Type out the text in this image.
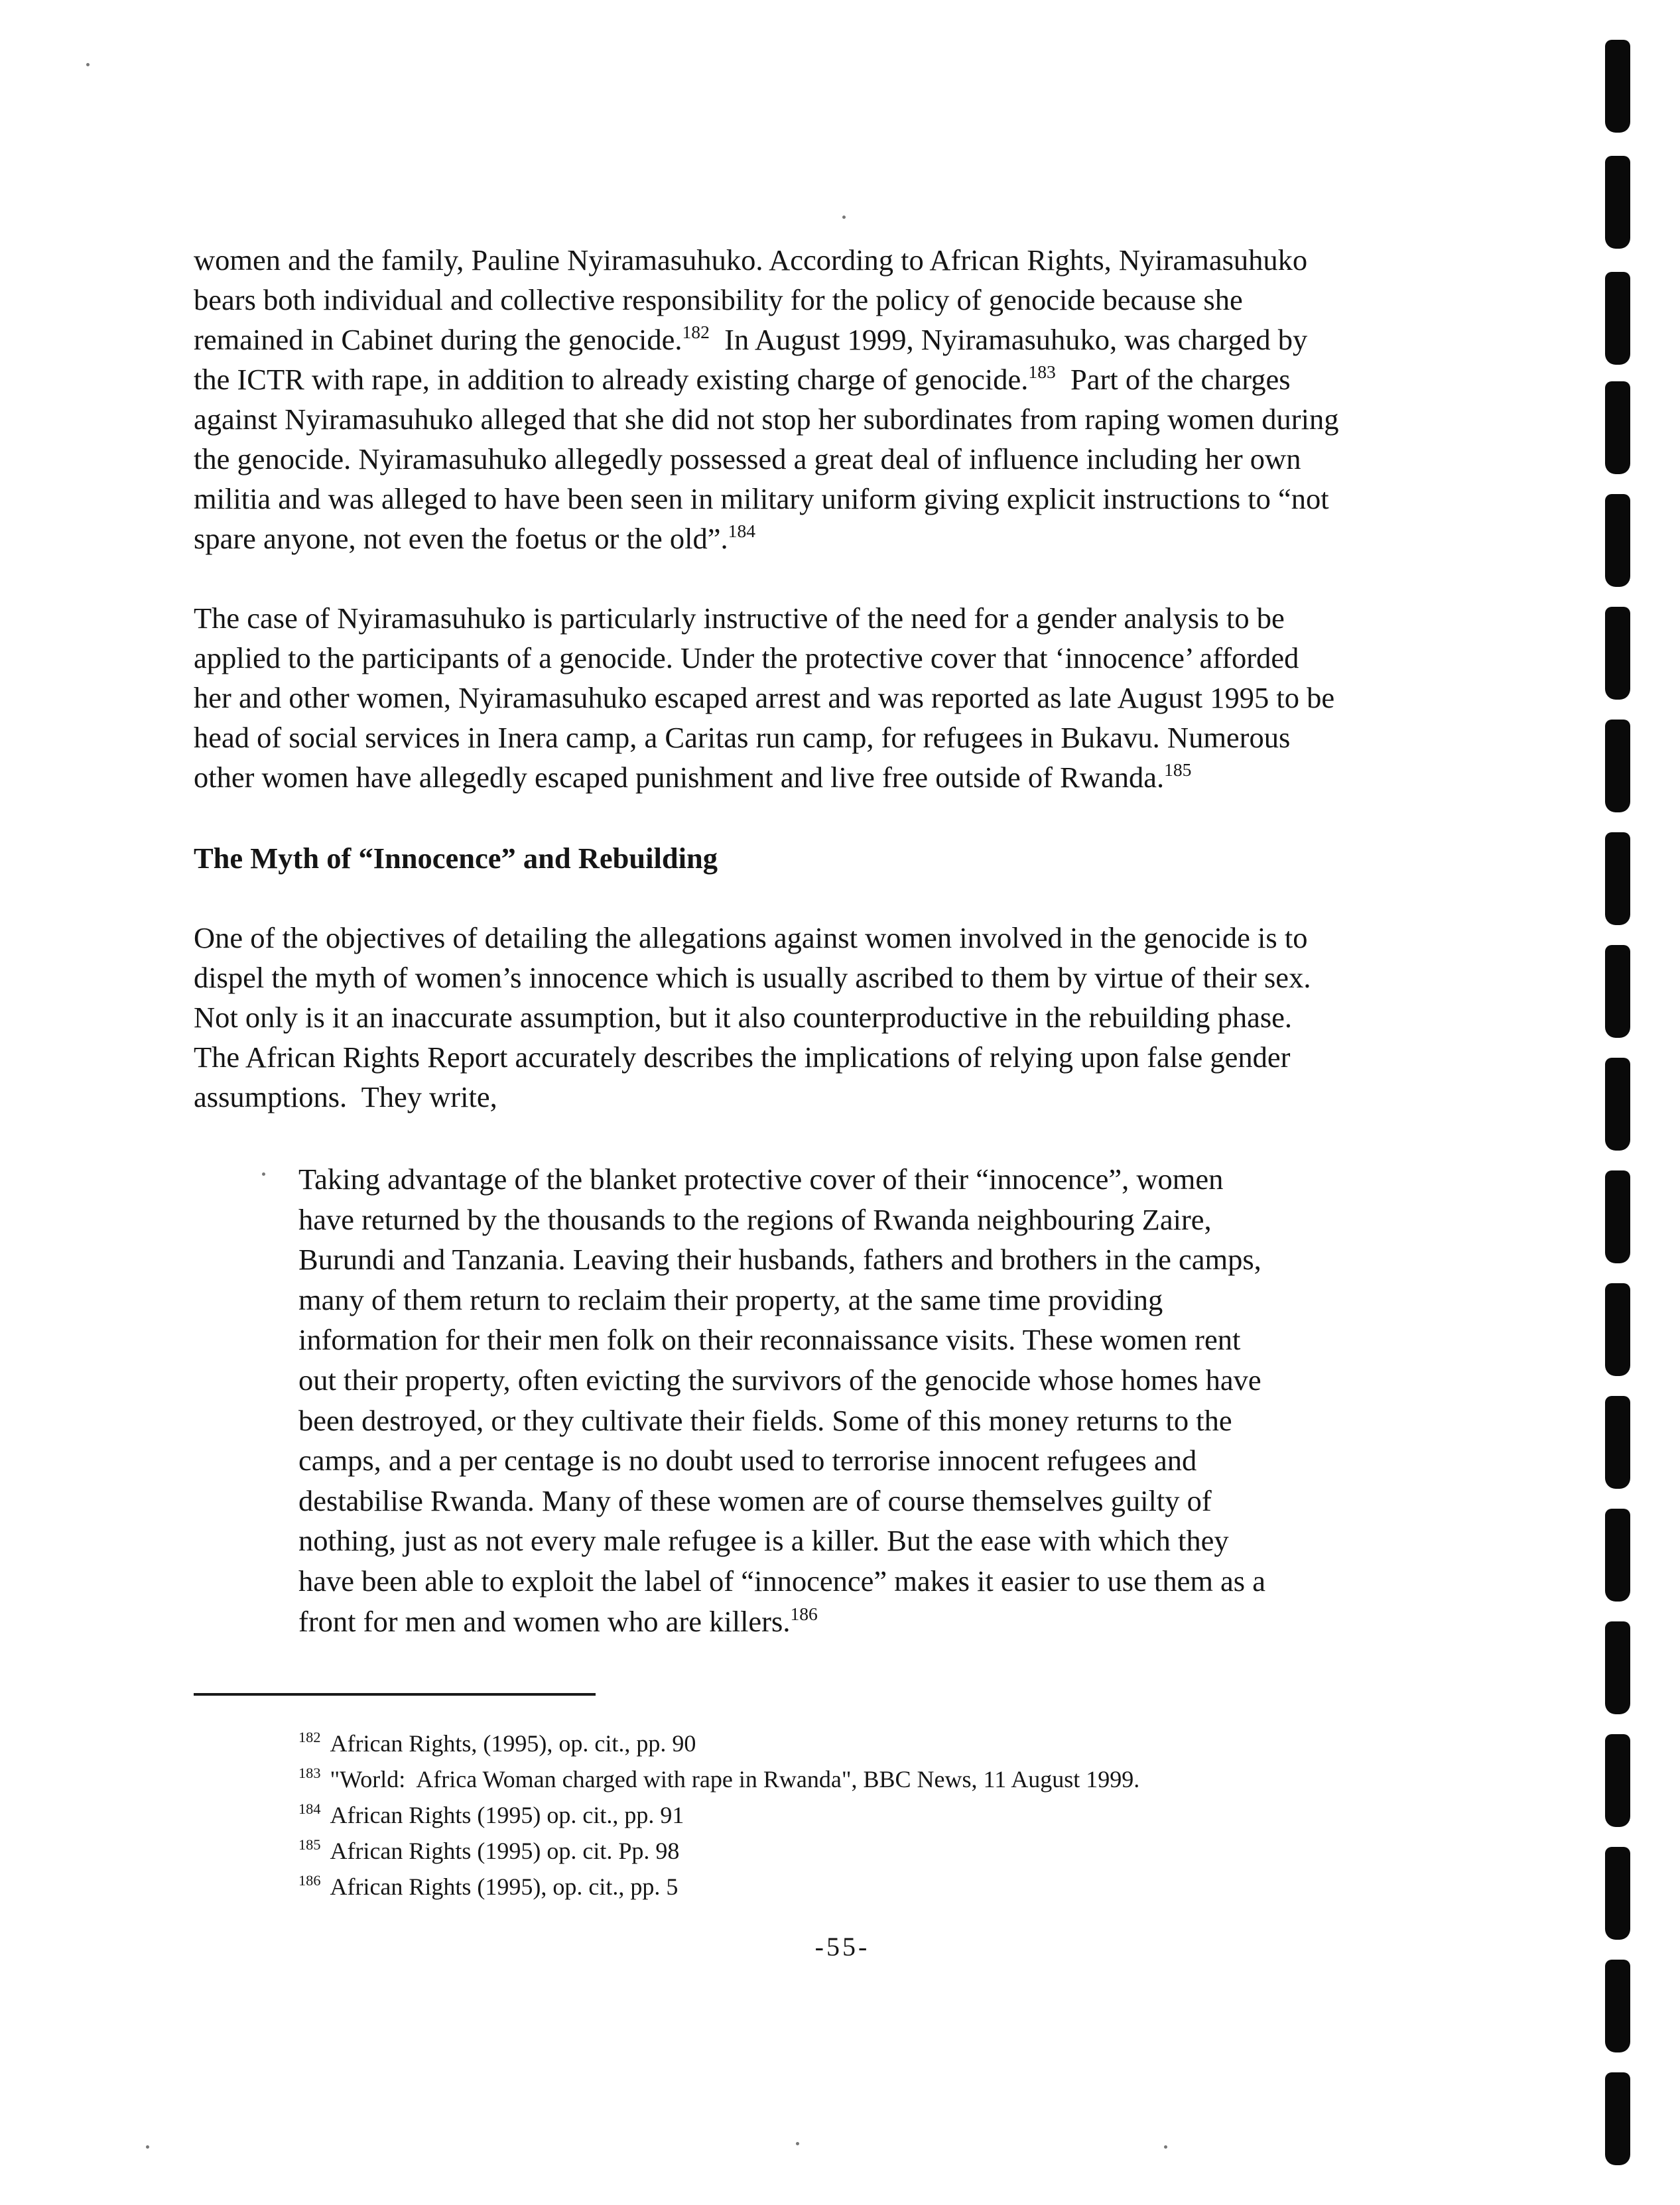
women and the family, Pauline Nyiramasuhuko. According to African Rights, Nyiramasuhuko
bears both individual and collective responsibility for the policy of genocide because she
remained in Cabinet during the genocide.$^{182}$  In August 1999, Nyiramasuhuko, was charged by
the ICTR with rape, in addition to already existing charge of genocide.$^{183}$  Part of the charges
against Nyiramasuhuko alleged that she did not stop her subordinates from raping women during
the genocide. Nyiramasuhuko allegedly possessed a great deal of influence including her own
militia and was alleged to have been seen in military uniform giving explicit instructions to “not
spare anyone, not even the foetus or the old”.$^{184}$

The case of Nyiramasuhuko is particularly instructive of the need for a gender analysis to be
applied to the participants of a genocide. Under the protective cover that ‘innocence’ afforded
her and other women, Nyiramasuhuko escaped arrest and was reported as late August 1995 to be
head of social services in Inera camp, a Caritas run camp, for refugees in Bukavu. Numerous
other women have allegedly escaped punishment and live free outside of Rwanda.$^{185}$

The Myth of “Innocence” and Rebuilding

One of the objectives of detailing the allegations against women involved in the genocide is to
dispel the myth of women’s innocence which is usually ascribed to them by virtue of their sex.
Not only is it an inaccurate assumption, but it also counterproductive in the rebuilding phase.
The African Rights Report accurately describes the implications of relying upon false gender
assumptions.  They write,

Taking advantage of the blanket protective cover of their “innocence”, women
have returned by the thousands to the regions of Rwanda neighbouring Zaire,
Burundi and Tanzania. Leaving their husbands, fathers and brothers in the camps,
many of them return to reclaim their property, at the same time providing
information for their men folk on their reconnaissance visits. These women rent
out their property, often evicting the survivors of the genocide whose homes have
been destroyed, or they cultivate their fields. Some of this money returns to the
camps, and a per centage is no doubt used to terrorise innocent refugees and
destabilise Rwanda. Many of these women are of course themselves guilty of
nothing, just as not every male refugee is a killer. But the ease with which they
have been able to exploit the label of “innocence” makes it easier to use them as a
front for men and women who are killers.$^{186}$

$^{182}$ African Rights, (1995), op. cit., pp. 90
$^{183}$ "World:  Africa Woman charged with rape in Rwanda", BBC News, 11 August 1999.
$^{184}$ African Rights (1995) op. cit., pp. 91
$^{185}$ African Rights (1995) op. cit. Pp. 98
$^{186}$ African Rights (1995), op. cit., pp. 5
-55-
